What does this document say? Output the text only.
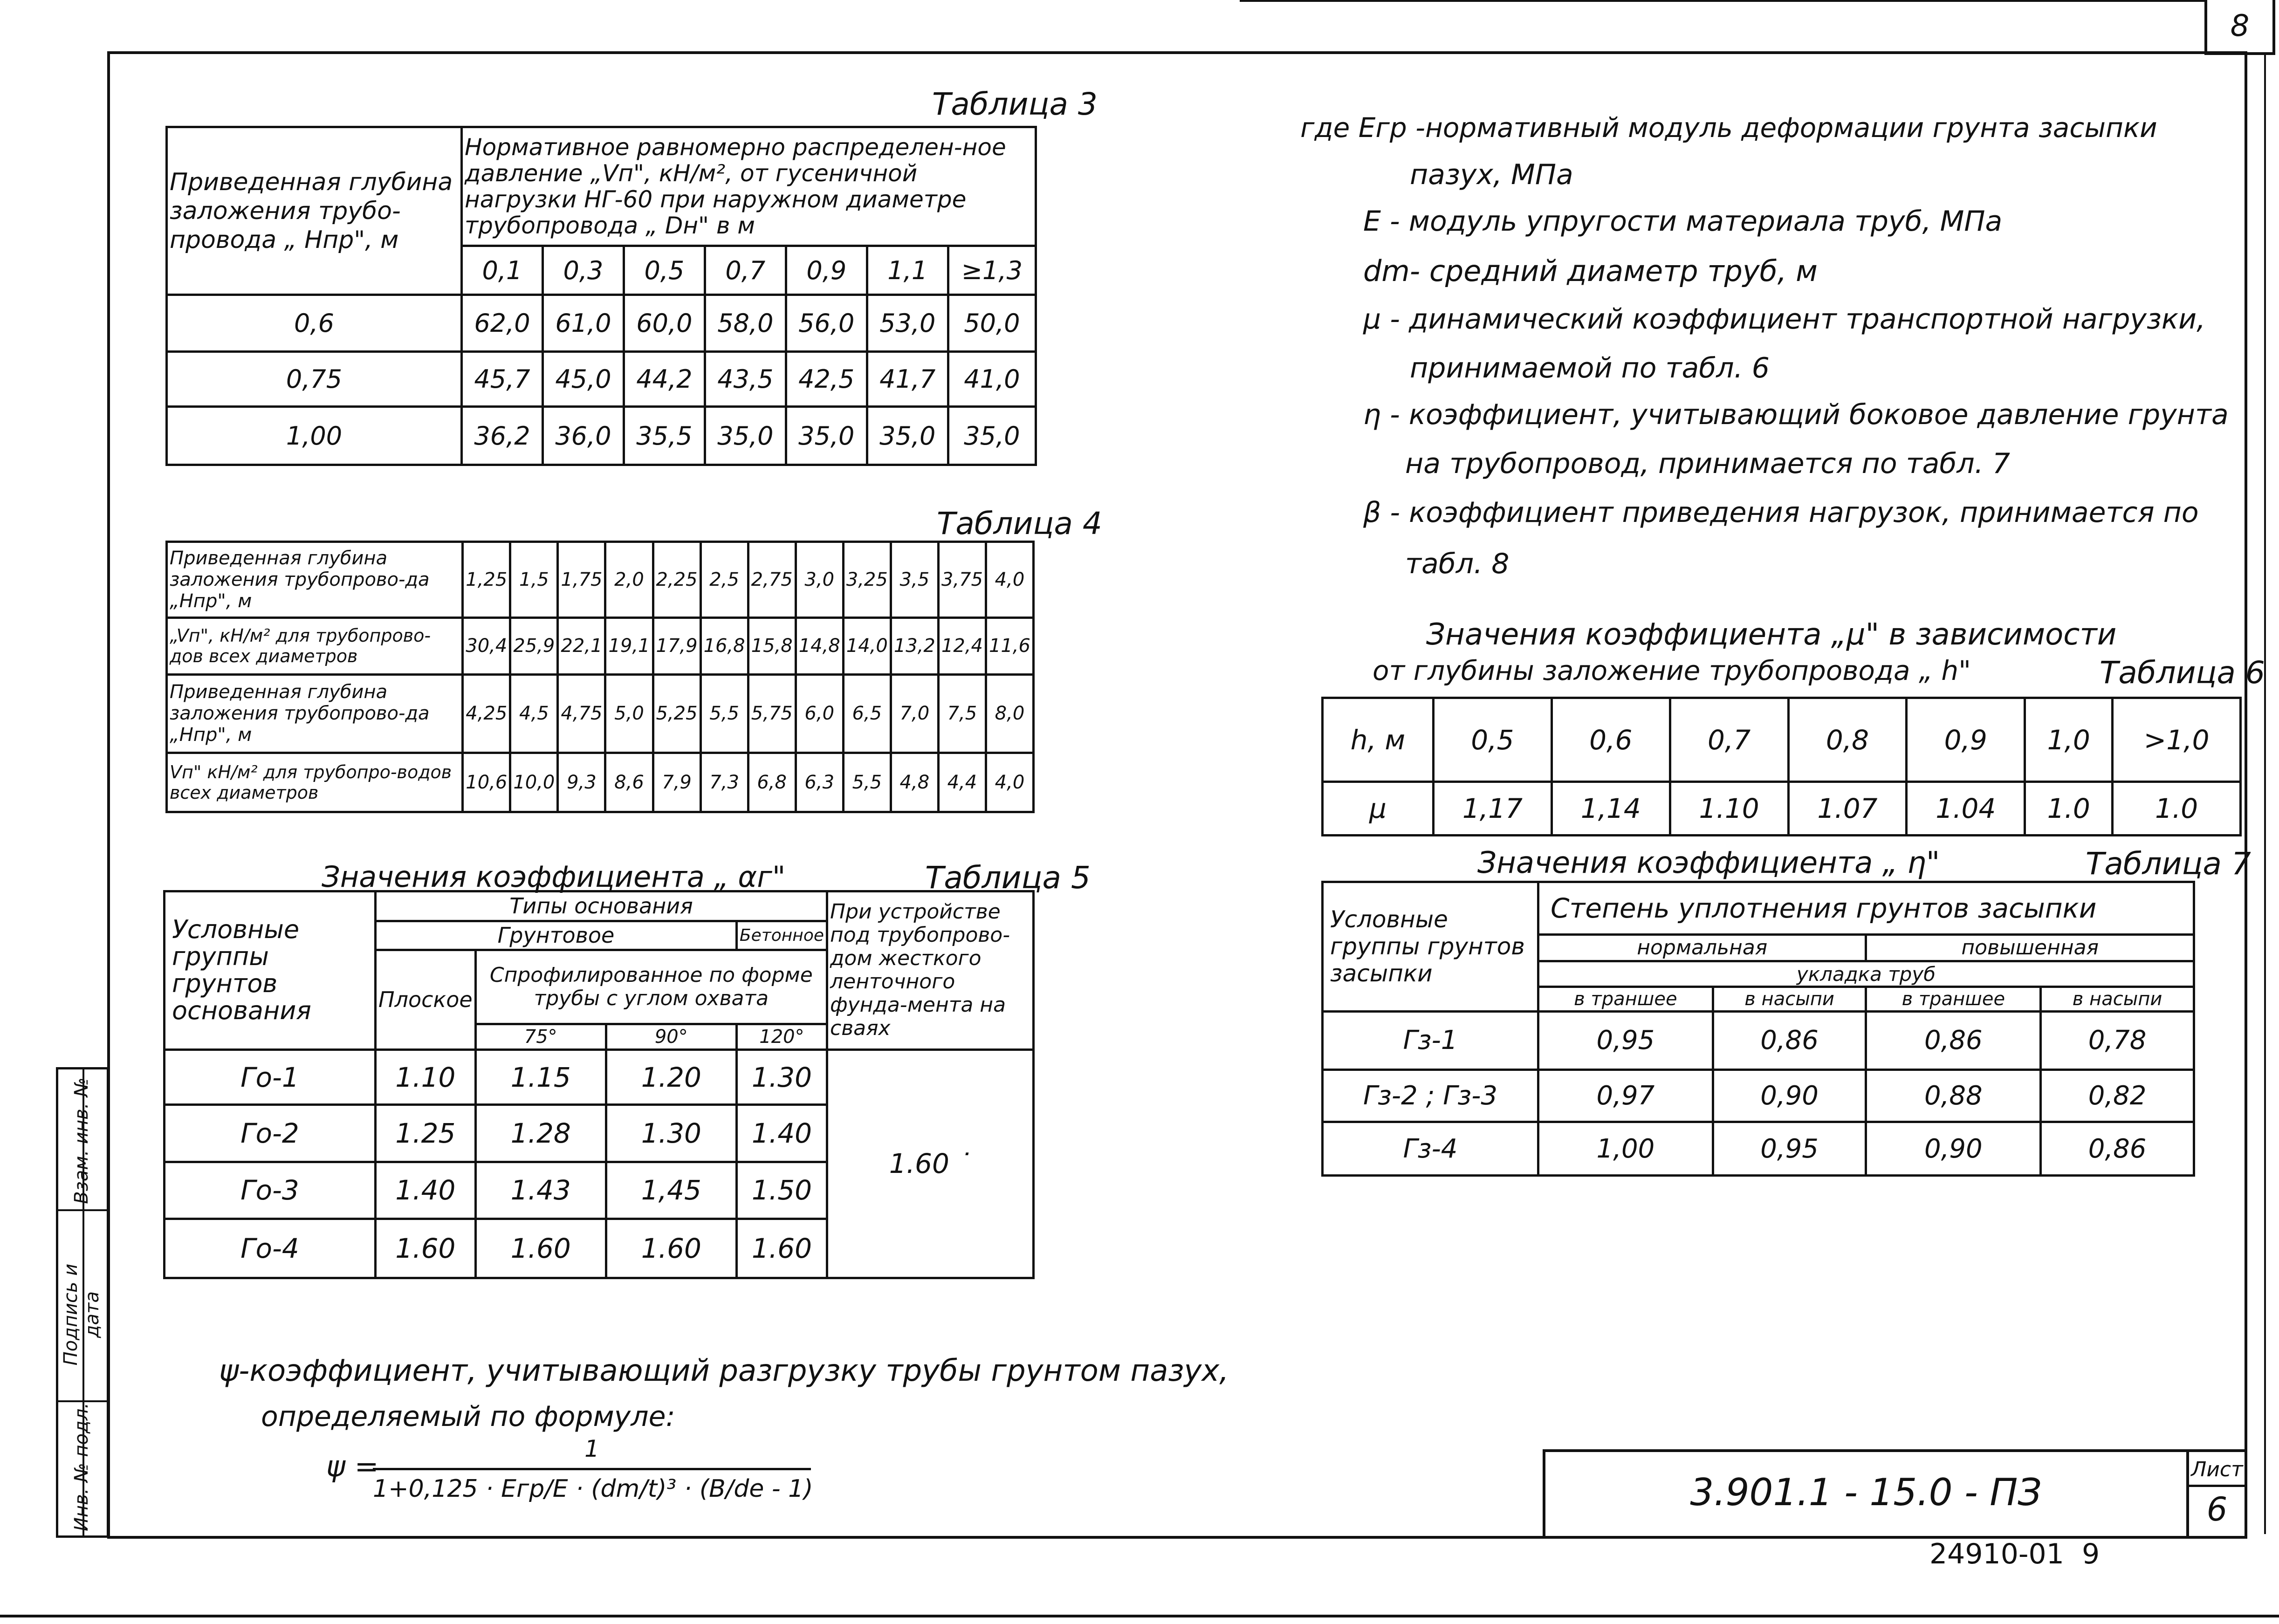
8
Взам. инв. №
Подпись и дата
Инв. № подл.
Таблица 3
Приведенная глубина заложения трубо-провода „ Нпр", м	Нормативное равномерно распределен-ное давление „Vп", кН/м², от гусеничной нагрузки НГ-60 при наружном диаметре трубопровода „ Dн" в м						
	0,1	0,3	0,5	0,7	0,9	1,1	≥1,3
0,6	62,0	61,0	60,0	58,0	56,0	53,0	50,0
0,75	45,7	45,0	44,2	43,5	42,5	41,7	41,0
1,00	36,2	36,0	35,5	35,0	35,0	35,0	35,0
Таблица 4
Приведенная глубина заложения трубопрово-да „Нпр", м	1,25	1,5	1,75	2,0	2,25	2,5	2,75	3,0	3,25	3,5	3,75	4,0
„Vп", кН/м² для трубопрово-дов всех диаметров	30,4	25,9	22,1	19,1	17,9	16,8	15,8	14,8	14,0	13,2	12,4	11,6
Приведенная глубина заложения трубопрово-да „Нпр", м	4,25	4,5	4,75	5,0	5,25	5,5	5,75	6,0	6,5	7,0	7,5	8,0
Vп" кН/м² для трубопро-водов всех диаметров	10,6	10,0	9,3	8,6	7,9	7,3	6,8	6,3	5,5	4,8	4,4	4,0
Значения коэффициента „ αг"	Таблица 5
Условные группы грунтов основания	Типы основания				При устройстве под трубопрово-дом жесткого ленточного фунда-мента на сваях
	Грунтовое			Бетонное	
	Плоское	Спрофилированное по форме трубы с углом охвата			
		75°	90°	120°	
Го-1	1.10	1.15	1.20	1.30	1.60 ˙
Го-2	1.25	1.28	1.30	1.40	
Го-3	1.40	1.43	1,45	1.50	
Го-4	1.60	1.60	1.60	1.60	
ψ-коэффициент, учитывающий разгрузку трубы грунтом пазух,
определяемый по формуле:
ψ =
1
1+0,125 · Eгр/E · (dm/t)³ · (B/de - 1)
где Eгр -нормативный модуль деформации грунта засыпки
пазух, МПа
E - модуль упругости материала труб, МПа
dm- средний диаметр труб, м
μ - динамический коэффициент транспортной нагрузки,
принимаемой по табл. 6
η - коэффициент, учитывающий боковое давление грунта
на трубопровод, принимается по табл. 7
β - коэффициент приведения нагрузок, принимается по
табл. 8
Значения коэффициента „μ" в зависимости
от глубины заложение трубопровода „ h"	Таблица 6
h, м	0,5	0,6	0,7	0,8	0,9	1,0	>1,0
μ	1,17	1,14	1.10	1.07	1.04	1.0	1.0
Значения коэффициента „ η"	Таблица 7
Условные группы грунтов засыпки	Степень уплотнения грунтов засыпки			
	нормальная		повышенная	
	укладка труб			
	в траншее	в насыпи	в траншее	в насыпи
Гз-1	0,95	0,86	0,86	0,78
Гз-2 ; Гз-3	0,97	0,90	0,88	0,82
Гз-4	1,00	0,95	0,90	0,86
3.901.1 - 15.0 - ПЗ
Лист
6
24910-01  9
